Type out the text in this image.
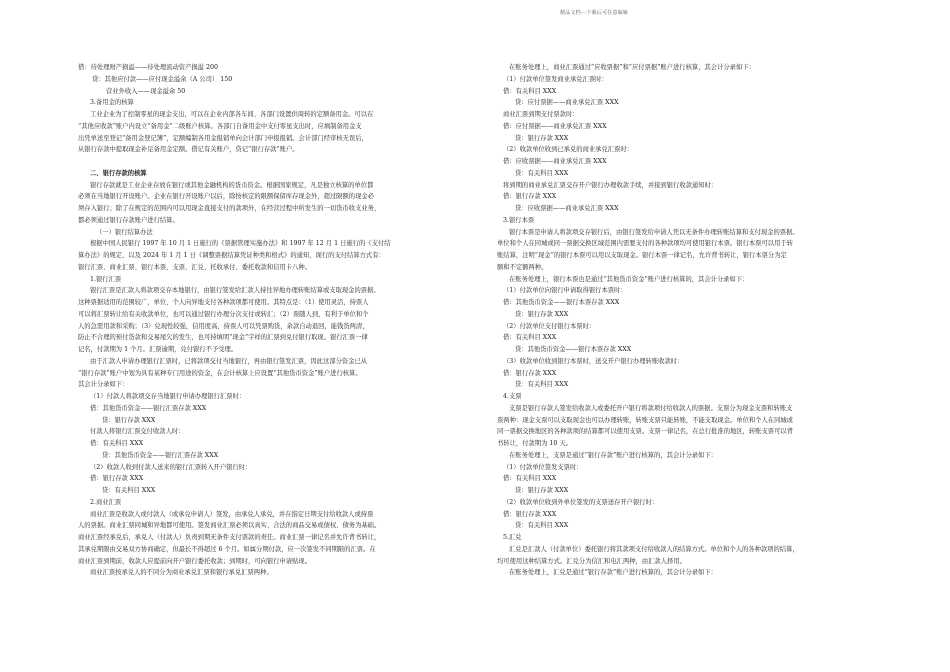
精品文档---下载后可任意编辑

借：待处理财产损溢——待处理流动资产损溢 200

贷：其他应付款——应付现金溢余（A 公司） 150

营业外收入——现金溢余 50

3.备用金的核算

工业企业为了控制零星的现金支出，可以在企业内部各车间、各部门设置供周转的定额备用金。可以在

“其他应收款”账户内设立“备用金”二级账户核算。各部门自备用金中支付零星支出时，应填制备用金支

出凭单送至登记“备用金登记簿”，定额编制各用金报销单向会计部门申报报销。会计部门经审核无误后，

从银行存款中提取现金补足备用金定额。借记有关账户，贷记“银行存款”账户。

二、银行存款的核算

银行存款就是工业企业存放在银行或其他金融机构的货币资金。根据国家规定，凡是独立核算的单位都

必须在当地银行开设账户。企业在银行开设账户以后，除按核定的限额保留库存现金外，超过限额的现金必

须存入银行；除了在规定的范围内可以用现金直接支付的款项外，在经营过程中所发生的一切货币收支业务，

都必须通过银行存款账户进行结算。

（一）银行结算办法

根据中国人民银行 1997 年 10 月 1 日施行的《票据管理实施办法》和 1997 年 12 月 1 日施行的《支付结

算办法》的规定，以及 2024 年 1 月 1 日《调整票据结算凭证种类和格式》的通知，现行的支付结算方式有：

银行汇票、商业汇票、银行本票、支票、汇兑、托收承付、委托收款和信用卡八种。

1.银行汇票

银行汇票是汇款人将款项交存本地银行，由银行签发给汇款人持往异地办理转账结算或支取现金的票据。

这种票据适用的范围较广，单位、个人向异地支付各种款项都可使用。其特点是：（1）使用灵活，持票人

可以将汇票转让给有关收款单位，也可以通过银行办理分次支付或转汇；（2）票随人到，有利于单位和个

人的急需用款和采购；（3）兑现性较强，信用度高，持票人可以凭票购货，余款自动退回，能钱货两清，

防止不合理的预付货款和交易尾欠的发生，也可持填明“现金”字样的汇票到兑付银行取现。银行汇票一律

记名，付款期为 1 个月。汇票逾期，兑付银行不予受理。

由于汇款人申请办理银行汇票时，已将款项交付当地银行，再由银行签发汇票，因此这部分资金已从

“银行存款”账户中划为具有某种专门用途的资金，在会计核算上应设置“其他货币资金”账户进行核算。

其会计分录如下：

（1）付款人将款项交存当地银行申请办理银行汇票时：

借：其他货币资金——银行汇票存款 XXX

贷：银行存款 XXX

付款人将银行汇票交付收款人时：

借：有关科目 XXX

贷：其他货币资金——银行汇票存款 XXX

（2）收款人收到付款人送来的银行汇票转入开户银行时：

借：银行存款 XXX

贷：有关科目 XXX

2.商业汇票

商业汇票是收款人或付款人（或承兑申请人）签发，由承兑人承兑，并在指定日期支付给收款人或持票

人的票据。商业汇票同城和异地都可使用。签发商业汇票必须以真实、合法的商品交易或债权、债务为基础。

商业汇票经承兑后，承兑人（付款人）负责到期无条件支付票款的责任。商业汇票一律记名并允许背书转让，

其承兑期限由交易双方协商确定，但最长不得超过 6 个月。如属分期付款，应一次签发不同期限的汇票。在

商业汇票到期前，收款人应提前向开户银行委托收款；到期时，可向银行申请贴现。

商业汇票按承兑人的不同分为商业承兑汇票和银行承兑汇票两种。

在账务处理上，商业汇票通过“应收票据”和“应付票据”账户进行核算，其会计分录如下：

（1）付款单位签发商业承兑汇票时：

借：有关科目 XXX

贷：应付票据——商业承兑汇票 XXX

商业汇票到期支付票款时：

借：应付票据——商业承兑汇票 XXX

贷：银行存款 XXX

（2）收款单位收到已承兑的商业承兑汇票时：

借：应收票据——商业承兑汇票 XXX

贷：有关科目 XXX

将到期的商业承兑汇票交存开户银行办理收款手续，并接到银行收款通知时：

借：银行存款 XXX

贷：应收票据——商业承兑汇票 XXX

3.银行本票

银行本票是申请人将款项交存银行后，由银行签发给申请人凭以无条件办理转账结算和支付现金的票据。

单位和个人在同城或同一票据交换区域范围内需要支付的各种款项均可使用银行本票。银行本票可以用于转

账结算，注明“现金”的银行本票可以用以支取现金。银行本票一律记名，允许背书转让，银行本票分为定

额和不定额两种。

在账务处理上，银行本票也是通过“其他货币资金”账户进行核算的，其会计分录如下：

（1）付款单位向银行申请取得银行本票时：

借：其他货币资金——银行本票存款 XXX

贷：银行存款 XXX

（2）付款单位支付银行本票时：

借：有关科目 XXX

贷：其他货币资金——银行本票存款 XXX

（3）收款单位收到银行本票时，送交开户银行办理转账收款时：

借：银行存款 XXX

贷：有关科目 XXX

4.支票

支票是银行存款人签发给收款人或委托开户银行将款项付给收款人的票据。支票分为现金支票和转账支

票两种：现金支票可以支取现金也可以办理转账，转账支票只能转账，不能支取现金。单位和个人在同城或

同一票据交换地区的各种款项的结算都可以使用支票。支票一律记名，在总行批准的地区，转账支票可以背

书转让，付款期为 10 天。

在账务处理上，支票是通过“银行存款”账户进行核算的，其会计分录如下：

（1）付款单位签发支票时：

借：有关科目 XXX

贷：银行存款 XXX

（2）收款单位收到外单位签发的支票送存开户银行时：

借：银行存款 XXX

贷：有关科目 XXX

5.汇兑

汇兑是汇款人（付款单位）委托银行将其款项支付给收款人的结算方式。单位和个人的各种款项的结算，

均可使用这种结算方式。汇兑分为信汇和电汇两种，由汇款人择用。

在账务处理上，汇兑是通过“银行存款”账户进行核算的，其会计分录如下：
